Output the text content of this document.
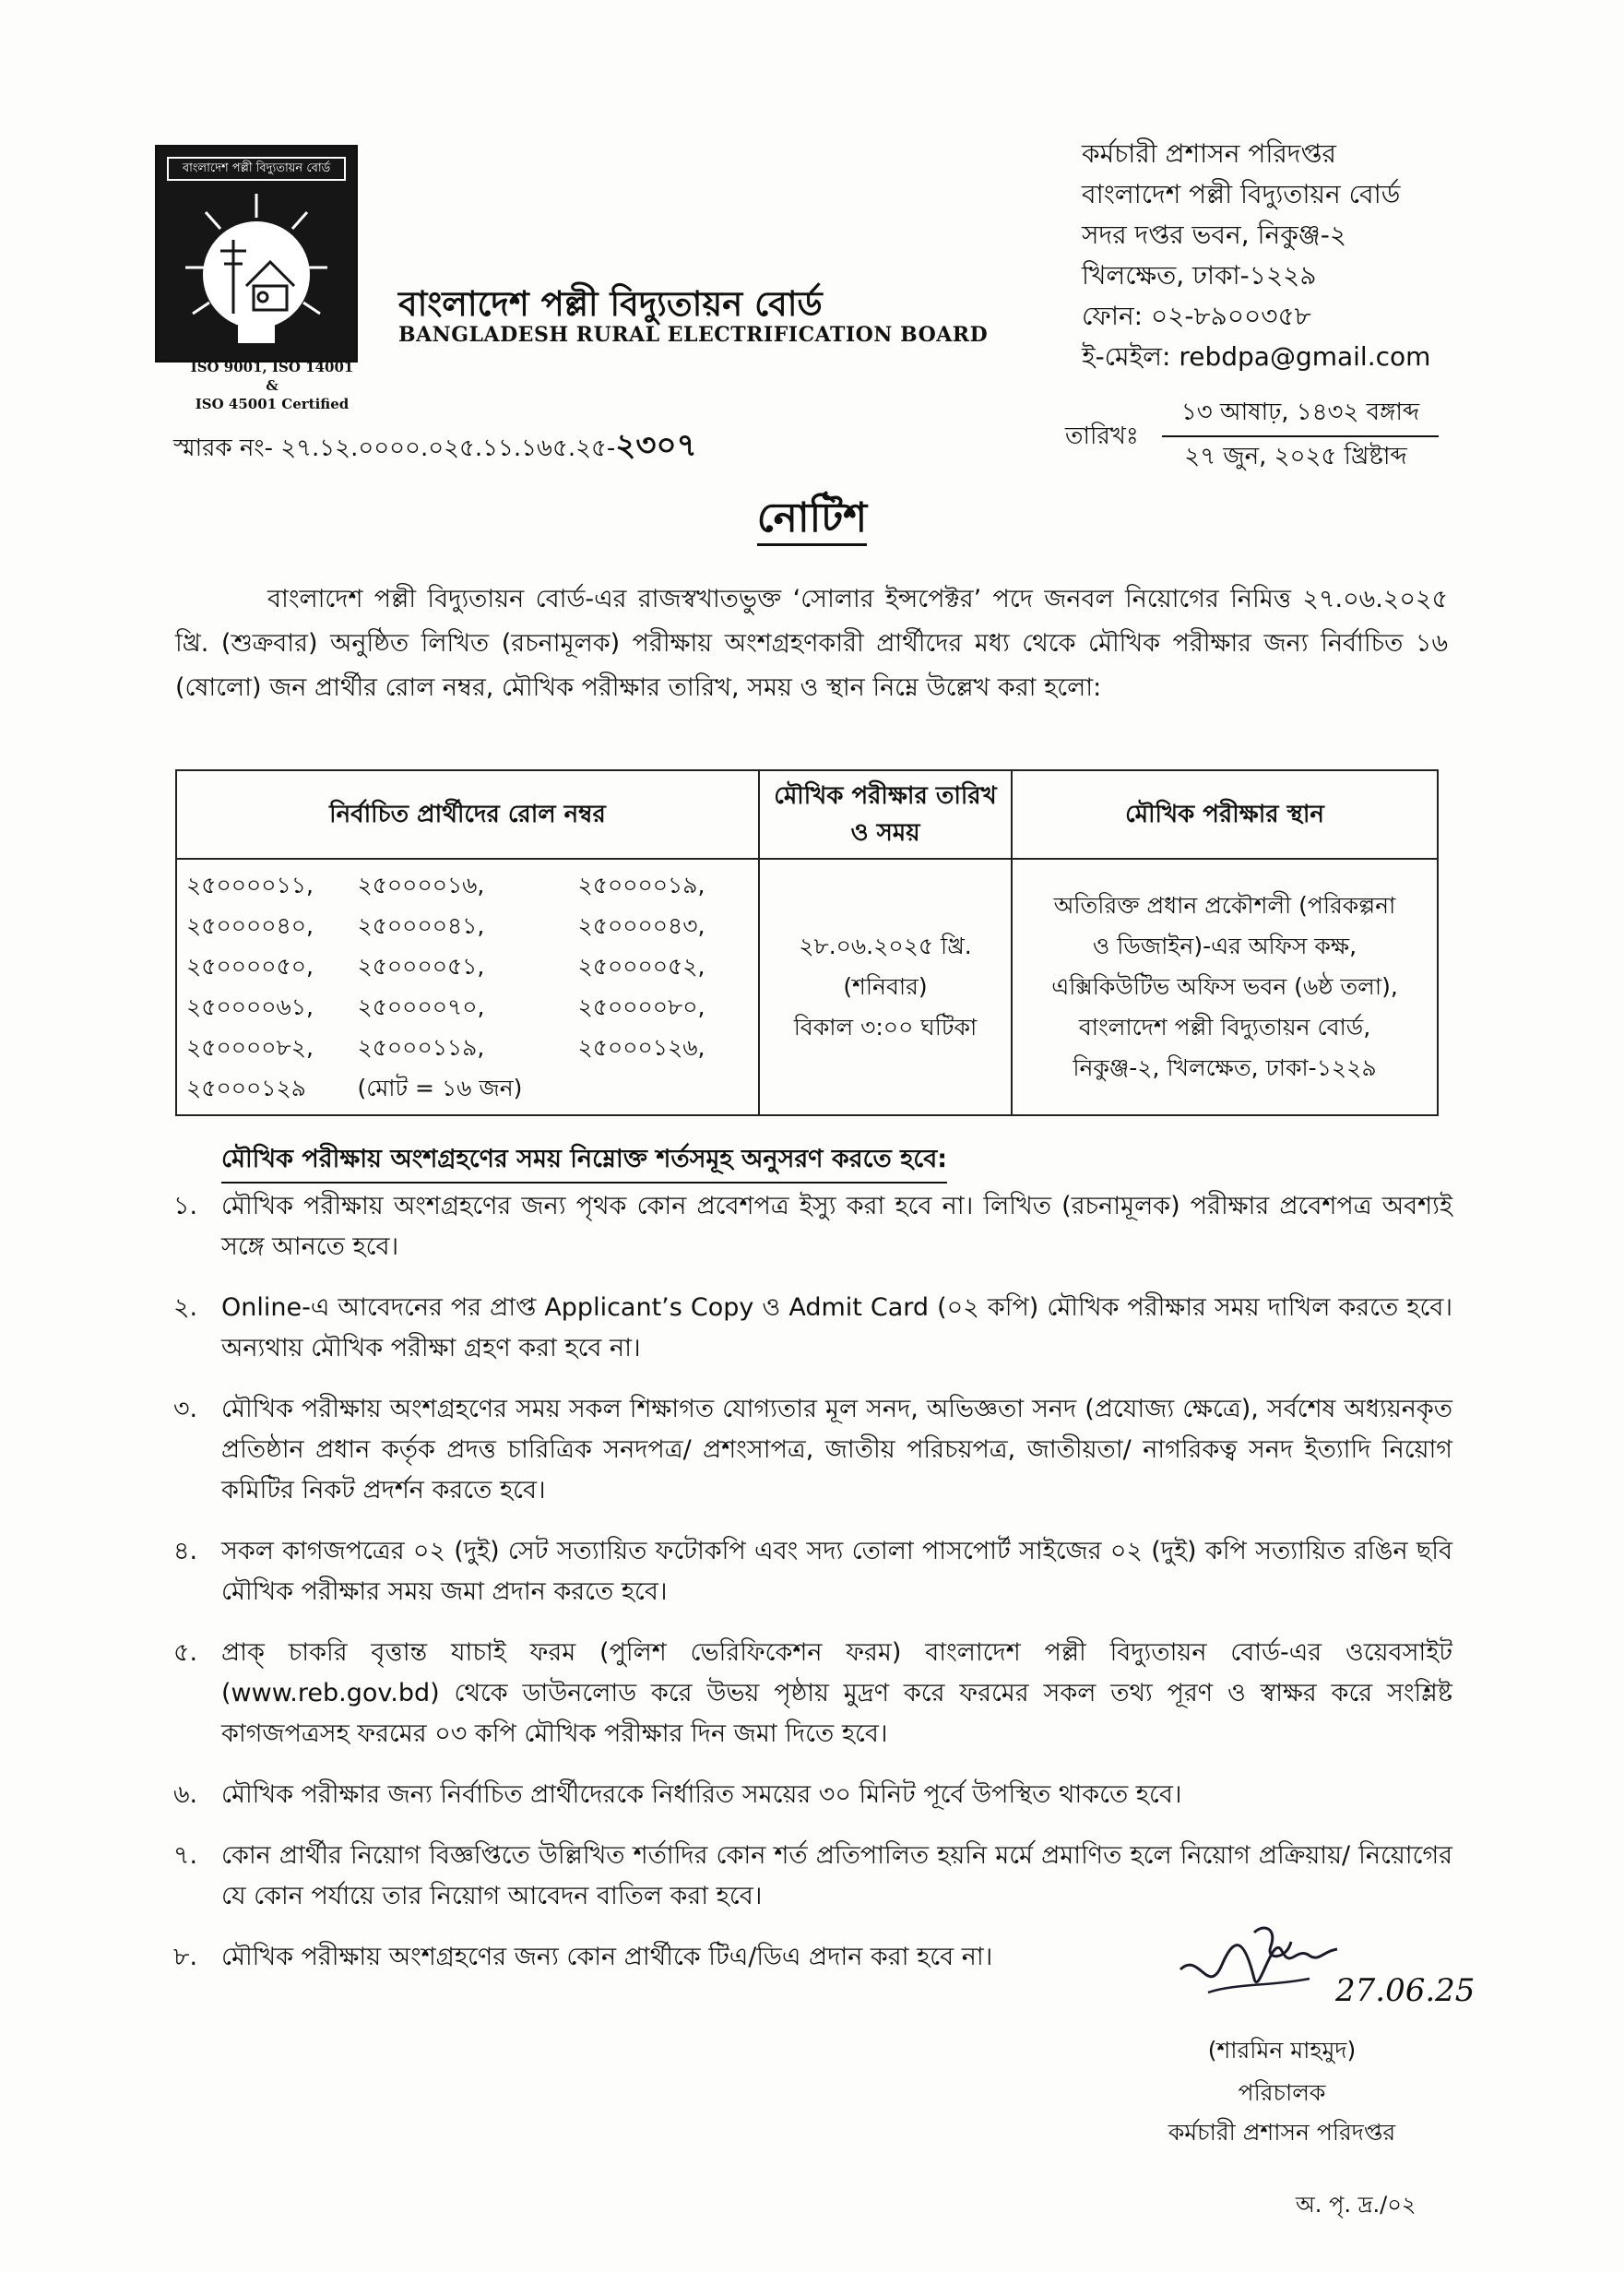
বাংলাদেশ পল্লী বিদ্যুতায়ন বোর্ড
ISO 9001, ISO 14001 &
ISO 45001 Certified
বাংলাদেশ পল্লী বিদ্যুতায়ন বোর্ড
BANGLADESH RURAL ELECTRIFICATION BOARD
কর্মচারী প্রশাসন পরিদপ্তর
বাংলাদেশ পল্লী বিদ্যুতায়ন বোর্ড
সদর দপ্তর ভবন, নিকুঞ্জ-২
খিলক্ষেত, ঢাকা-১২২৯
ফোন: ০২-৮৯০০৩৫৮
ই-মেইল: rebdpa@gmail.com
স্মারক নং- ২৭.১২.০০০০.০২৫.১১.১৬৫.২৫-২৩০৭	তারিখঃ
১৩ আষাঢ়, ১৪৩২ বঙ্গাব্দ
২৭ জুন, ২০২৫ খ্রিষ্টাব্দ
নোটিশ
বাংলাদেশ পল্লী বিদ্যুতায়ন বোর্ড-এর রাজস্বখাতভুক্ত ‘সোলার ইন্সপেক্টর’ পদে জনবল নিয়োগের নিমিত্ত ২৭.০৬.২০২৫ খ্রি. (শুক্রবার) অনুষ্ঠিত লিখিত (রচনামূলক) পরীক্ষায় অংশগ্রহণকারী প্রার্থীদের মধ্য থেকে মৌখিক পরীক্ষার জন্য নির্বাচিত ১৬ (ষোলো) জন প্রার্থীর রোল নম্বর, মৌখিক পরীক্ষার তারিখ, সময় ও স্থান নিম্নে উল্লেখ করা হলো:
নির্বাচিত প্রার্থীদের রোল নম্বর	মৌখিক পরীক্ষার তারিখ ও সময়	মৌখিক পরীক্ষার স্থান

২৫০০০০১১,	২৫০০০০১৬,	২৫০০০০১৯,
২৫০০০০৪০,	২৫০০০০৪১,	২৫০০০০৪৩,
২৫০০০০৫০,	২৫০০০০৫১,	২৫০০০০৫২,
২৫০০০০৬১,	২৫০০০০৭০,	২৫০০০০৮০,
২৫০০০০৮২,	২৫০০০১১৯,	২৫০০০১২৬,
২৫০০০১২৯	(মোট = ১৬ জন)	

২৮.০৬.২০২৫ খ্রি.
(শনিবার)
বিকাল ৩:০০ ঘটিকা

অতিরিক্ত প্রধান প্রকৌশলী (পরিকল্পনা
ও ডিজাইন)-এর অফিস কক্ষ,
এক্সিকিউটিভ অফিস ভবন (৬ষ্ঠ তলা),
বাংলাদেশ পল্লী বিদ্যুতায়ন বোর্ড,
নিকুঞ্জ-২, খিলক্ষেত, ঢাকা-১২২৯
মৌখিক পরীক্ষায় অংশগ্রহণের সময় নিম্নোক্ত শর্তসমূহ অনুসরণ করতে হবে:
১. মৌখিক পরীক্ষায় অংশগ্রহণের জন্য পৃথক কোন প্রবেশপত্র ইস্যু করা হবে না। লিখিত (রচনামূলক) পরীক্ষার প্রবেশপত্র অবশ্যই সঙ্গে আনতে হবে।
২. Online-এ আবেদনের পর প্রাপ্ত Applicant’s Copy ও Admit Card (০২ কপি) মৌখিক পরীক্ষার সময় দাখিল করতে হবে। অন্যথায় মৌখিক পরীক্ষা গ্রহণ করা হবে না।
৩. মৌখিক পরীক্ষায় অংশগ্রহণের সময় সকল শিক্ষাগত যোগ্যতার মূল সনদ, অভিজ্ঞতা সনদ (প্রযোজ্য ক্ষেত্রে), সর্বশেষ অধ্যয়নকৃত প্রতিষ্ঠান প্রধান কর্তৃক প্রদত্ত চারিত্রিক সনদপত্র/ প্রশংসাপত্র, জাতীয় পরিচয়পত্র, জাতীয়তা/ নাগরিকত্ব সনদ ইত্যাদি নিয়োগ কমিটির নিকট প্রদর্শন করতে হবে।
৪. সকল কাগজপত্রের ০২ (দুই) সেট সত্যায়িত ফটোকপি এবং সদ্য তোলা পাসপোর্ট সাইজের ০২ (দুই) কপি সত্যায়িত রঙিন ছবি মৌখিক পরীক্ষার সময় জমা প্রদান করতে হবে।
৫. প্রাক্ চাকরি বৃত্তান্ত যাচাই ফরম (পুলিশ ভেরিফিকেশন ফরম) বাংলাদেশ পল্লী বিদ্যুতায়ন বোর্ড-এর ওয়েবসাইট (www.reb.gov.bd) থেকে ডাউনলোড করে উভয় পৃষ্ঠায় মুদ্রণ করে ফরমের সকল তথ্য পূরণ ও স্বাক্ষর করে সংশ্লিষ্ট কাগজপত্রসহ ফরমের ০৩ কপি মৌখিক পরীক্ষার দিন জমা দিতে হবে।
৬. মৌখিক পরীক্ষার জন্য নির্বাচিত প্রার্থীদেরকে নির্ধারিত সময়ের ৩০ মিনিট পূর্বে উপস্থিত থাকতে হবে।
৭. কোন প্রার্থীর নিয়োগ বিজ্ঞপ্তিতে উল্লিখিত শর্তাদির কোন শর্ত প্রতিপালিত হয়নি মর্মে প্রমাণিত হলে নিয়োগ প্রক্রিয়ায়/ নিয়োগের যে কোন পর্যায়ে তার নিয়োগ আবেদন বাতিল করা হবে।
৮. মৌখিক পরীক্ষায় অংশগ্রহণের জন্য কোন প্রার্থীকে টিএ/ডিএ প্রদান করা হবে না।
27.06.25
(শারমিন মাহমুদ)
পরিচালক
কর্মচারী প্রশাসন পরিদপ্তর
অ. পৃ. দ্র./০২
